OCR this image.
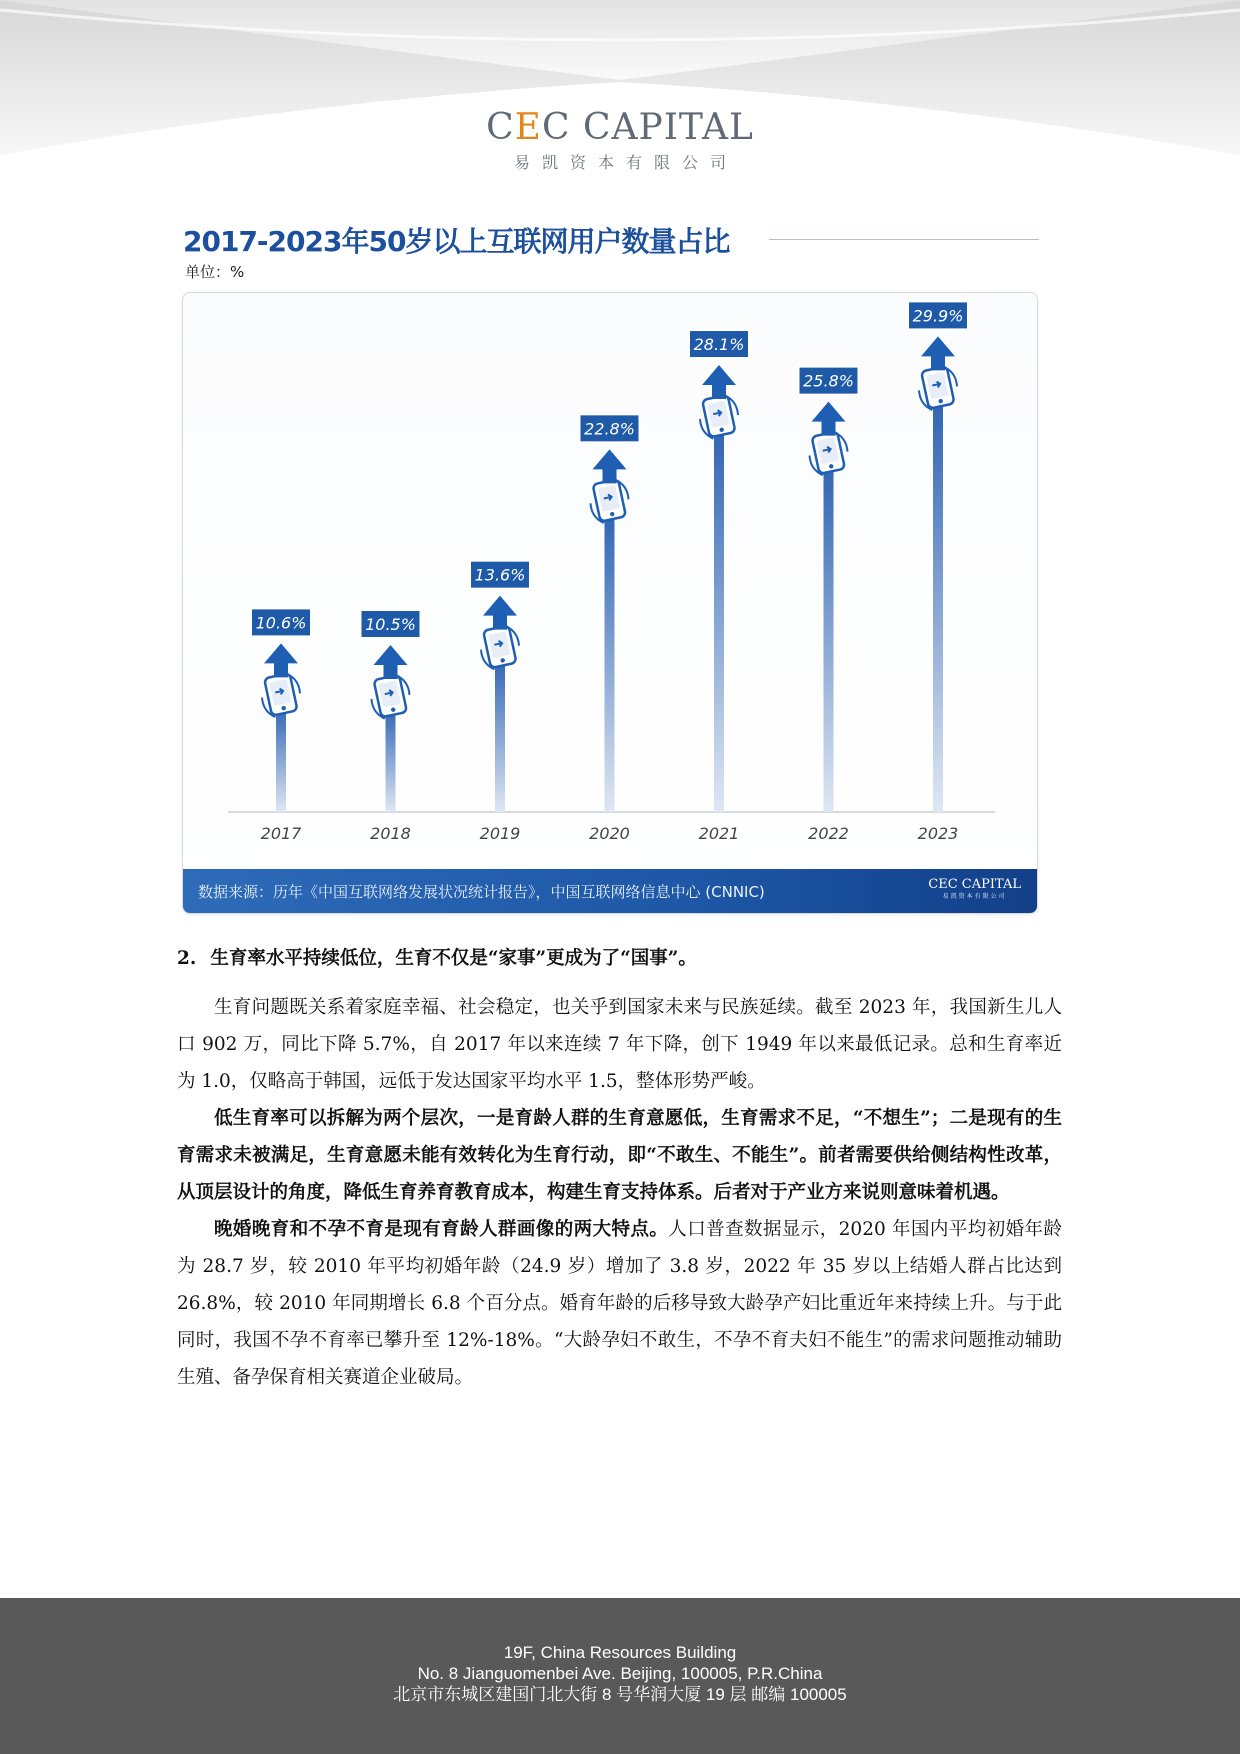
CEC CAPITAL
易凯资本有限公司
2017-2023年50岁以上互联网用户数量占比
单位：%
10.6%
2017
10.5%
2018
13.6%
2019
22.8%
2020
28.1%
2021
25.8%
2022
29.9%
2023
数据来源：历年《中国互联网络发展状况统计报告》，中国互联网络信息中心 (CNNIC)	CEC CAPITAL
易凯资本有限公司
2. 生育率水平持续低位，生育不仅是“家事”更成为了“国事”。

生育问题既关系着家庭幸福、社会稳定，也关乎到国家未来与民族延续。截至 2023 年，我国新生儿人口 902 万，同比下降 5.7%，自 2017 年以来连续 7 年下降，创下 1949 年以来最低记录。总和生育率近为 1.0，仅略高于韩国，远低于发达国家平均水平 1.5，整体形势严峻。

低生育率可以拆解为两个层次，一是育龄人群的生育意愿低，生育需求不足，“不想生”；二是现有的生育需求未被满足，生育意愿未能有效转化为生育行动，即“不敢生、不能生”。前者需要供给侧结构性改革，从顶层设计的角度，降低生育养育教育成本，构建生育支持体系。后者对于产业方来说则意味着机遇。

晚婚晚育和不孕不育是现有育龄人群画像的两大特点。人口普查数据显示，2020 年国内平均初婚年龄为 28.7 岁，较 2010 年平均初婚年龄（24.9 岁）增加了 3.8 岁，2022 年 35 岁以上结婚人群占比达到 26.8%，较 2010 年同期增长 6.8 个百分点。婚育年龄的后移导致大龄孕产妇比重近年来持续上升。与于此同时，我国不孕不育率已攀升至 12%-18%。“大龄孕妇不敢生，不孕不育夫妇不能生”的需求问题推动辅助生殖、备孕保育相关赛道企业破局。

19F, China Resources Building
No. 8 Jianguomenbei Ave. Beijing, 100005, P.R.China
北京市东城区建国门北大街 8 号华润大厦 19 层 邮编 100005
